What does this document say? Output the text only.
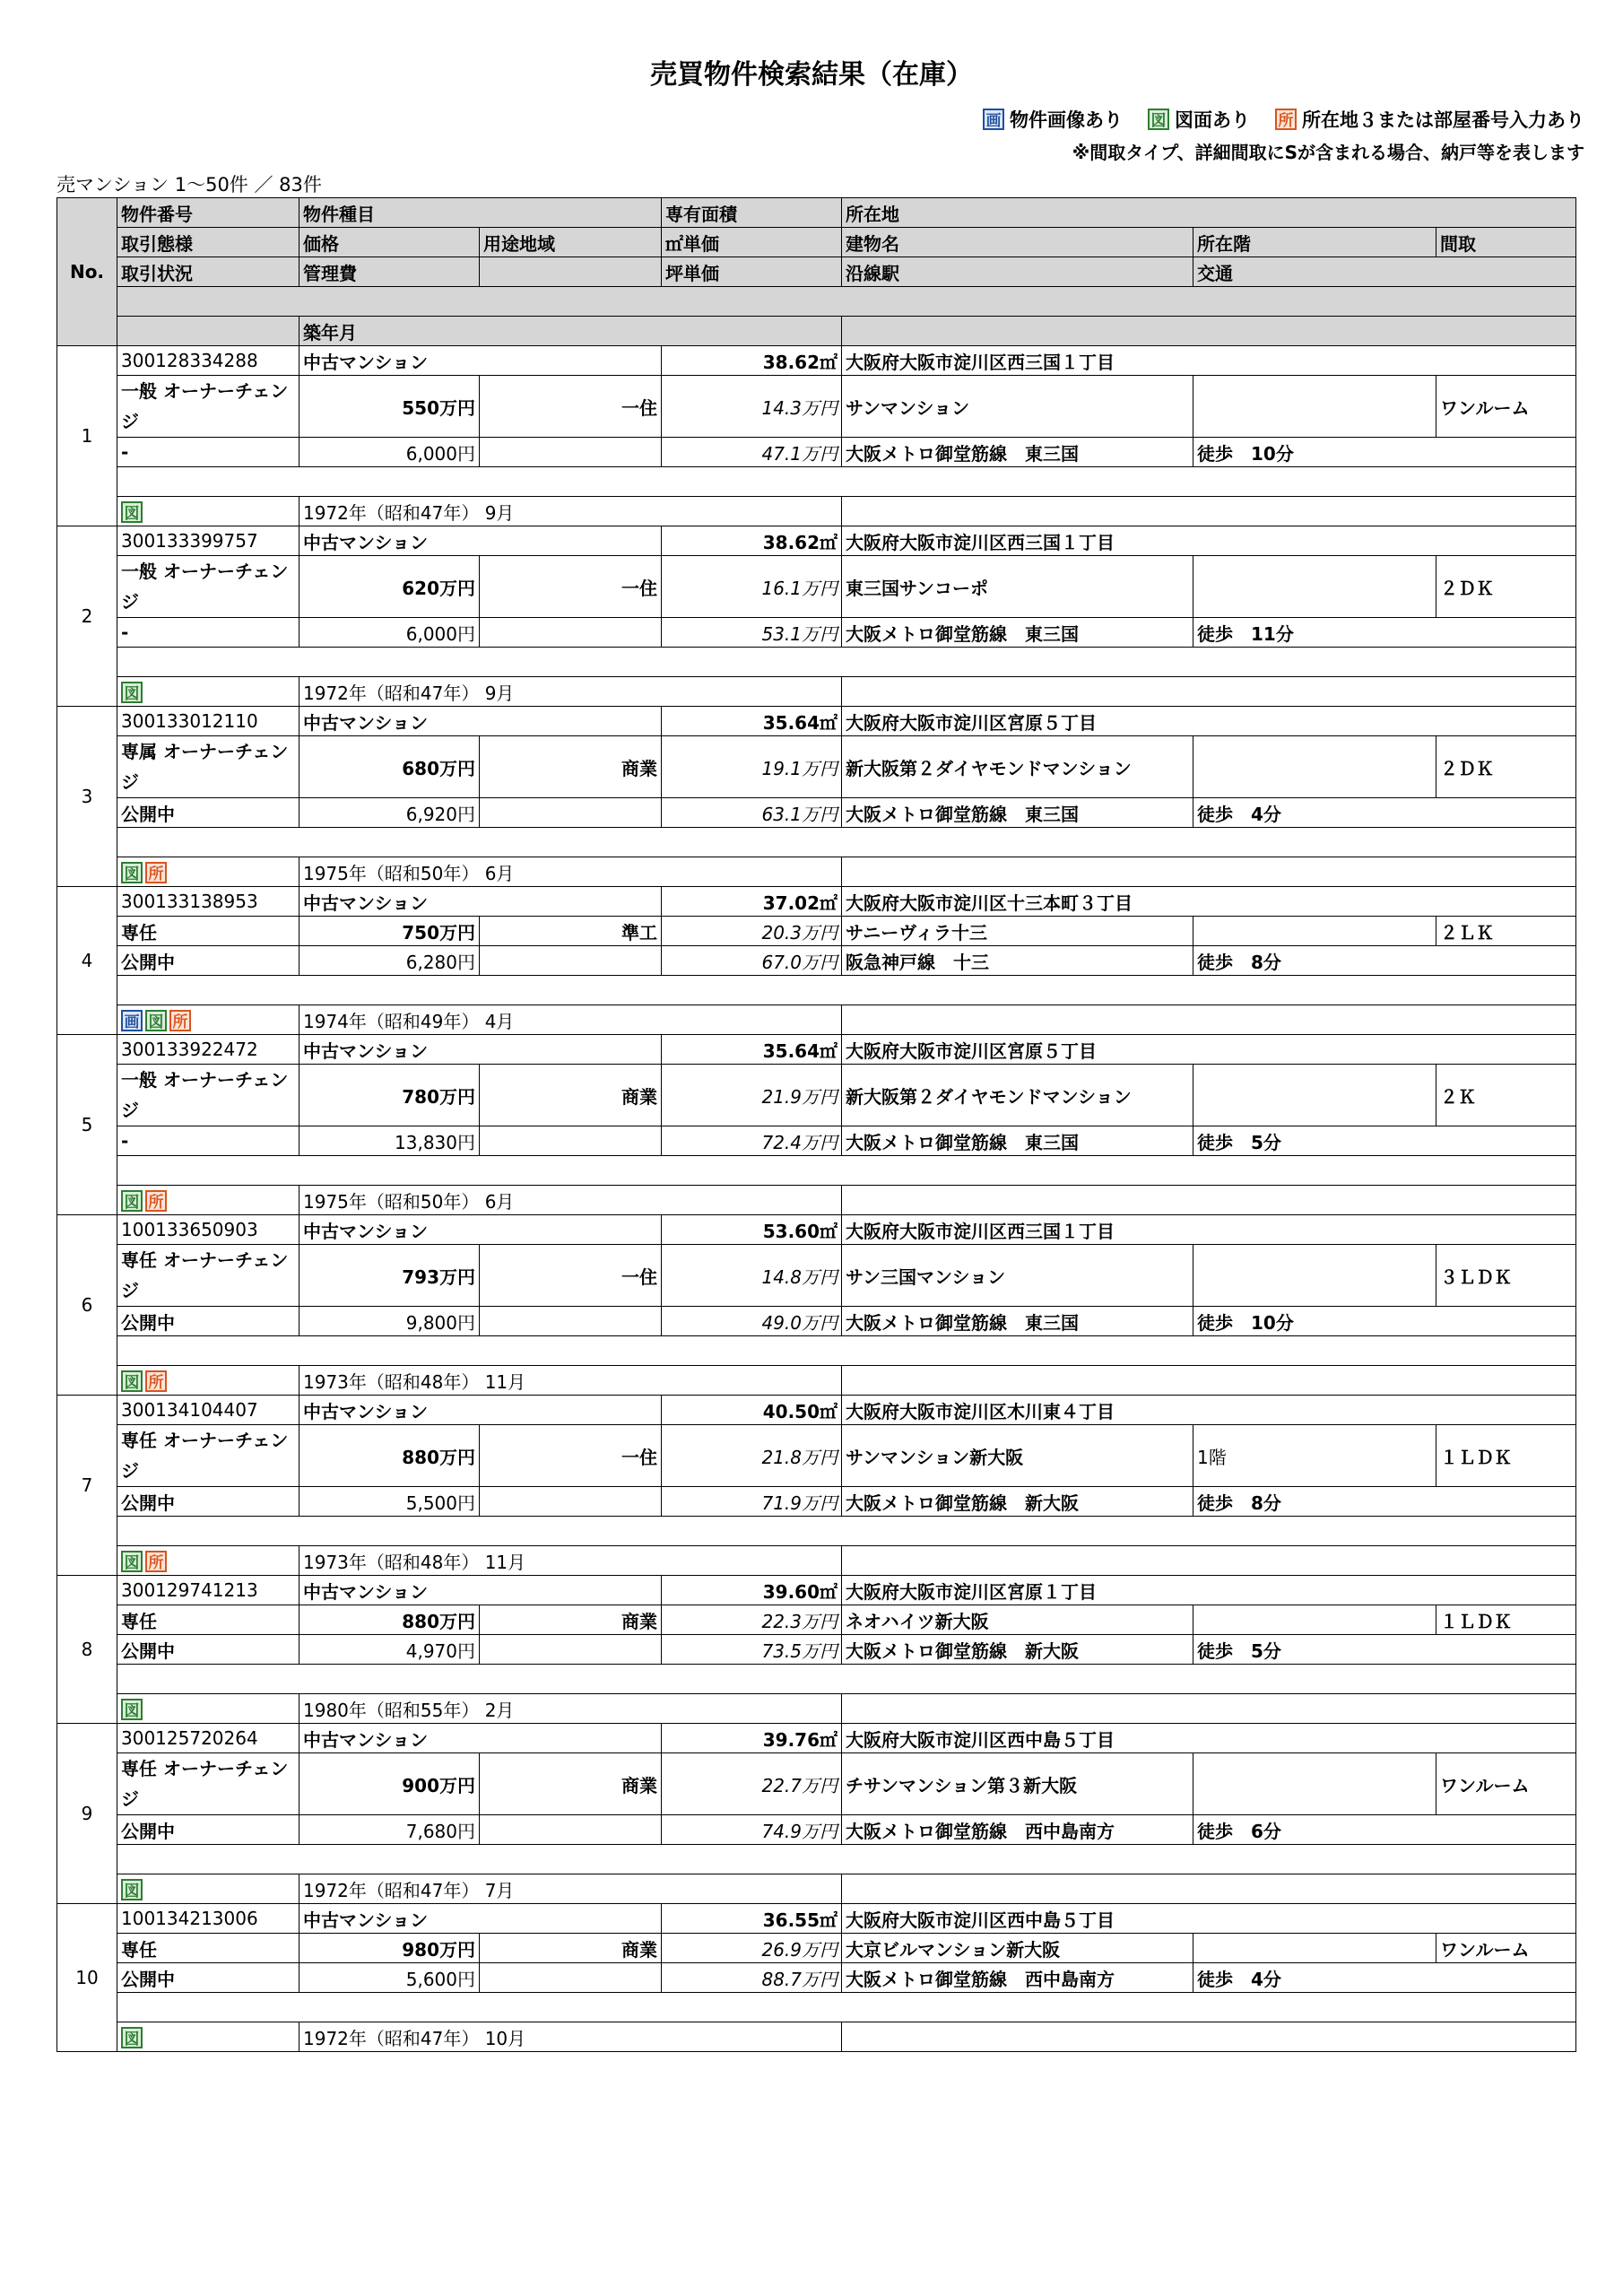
売買物件検索結果（在庫）
画 物件画像あり 図 図面あり 所 所在地３または部屋番号入力あり
※間取タイプ、詳細間取にSが含まれる場合、納戸等を表します
売マンション 1〜50件 ／ 83件
No.	物件番号	物件種目		専有面積	所在地		
	取引態様	価格	用途地域	㎡単価	建物名	所在階	間取
	取引状況	管理費		坪単価	沿線駅	交通	

		築年月					
1	300128334288	中古マンション		38.62㎡	大阪府大阪市淀川区西三国１丁目		
	一般 オーナーチェンジ	550万円	一住	14.3万円	サンマンション		ワンルーム
	-	6,000円		47.1万円	大阪メトロ御堂筋線　東三国	徒歩　10分	

	図	1972年（昭和47年） 9月					
2	300133399757	中古マンション		38.62㎡	大阪府大阪市淀川区西三国１丁目		
	一般 オーナーチェンジ	620万円	一住	16.1万円	東三国サンコーポ		２ＤＫ
	-	6,000円		53.1万円	大阪メトロ御堂筋線　東三国	徒歩　11分	

	図	1972年（昭和47年） 9月					
3	300133012110	中古マンション		35.64㎡	大阪府大阪市淀川区宮原５丁目		
	専属 オーナーチェンジ	680万円	商業	19.1万円	新大阪第２ダイヤモンドマンション		２ＤＫ
	公開中	6,920円		63.1万円	大阪メトロ御堂筋線　東三国	徒歩　4分	

	図 所	1975年（昭和50年） 6月					
4	300133138953	中古マンション		37.02㎡	大阪府大阪市淀川区十三本町３丁目		
	専任	750万円	準工	20.3万円	サニーヴィラ十三		２ＬＫ
	公開中	6,280円		67.0万円	阪急神戸線　十三	徒歩　8分	

	画 図 所	1974年（昭和49年） 4月					
5	300133922472	中古マンション		35.64㎡	大阪府大阪市淀川区宮原５丁目		
	一般 オーナーチェンジ	780万円	商業	21.9万円	新大阪第２ダイヤモンドマンション		２Ｋ
	-	13,830円		72.4万円	大阪メトロ御堂筋線　東三国	徒歩　5分	

	図 所	1975年（昭和50年） 6月					
6	100133650903	中古マンション		53.60㎡	大阪府大阪市淀川区西三国１丁目		
	専任 オーナーチェンジ	793万円	一住	14.8万円	サン三国マンション		３ＬＤＫ
	公開中	9,800円		49.0万円	大阪メトロ御堂筋線　東三国	徒歩　10分	

	図 所	1973年（昭和48年） 11月					
7	300134104407	中古マンション		40.50㎡	大阪府大阪市淀川区木川東４丁目		
	専任 オーナーチェンジ	880万円	一住	21.8万円	サンマンション新大阪	1階	１ＬＤＫ
	公開中	5,500円		71.9万円	大阪メトロ御堂筋線　新大阪	徒歩　8分	

	図 所	1973年（昭和48年） 11月					
8	300129741213	中古マンション		39.60㎡	大阪府大阪市淀川区宮原１丁目		
	専任	880万円	商業	22.3万円	ネオハイツ新大阪		１ＬＤＫ
	公開中	4,970円		73.5万円	大阪メトロ御堂筋線　新大阪	徒歩　5分	

	図	1980年（昭和55年） 2月					
9	300125720264	中古マンション		39.76㎡	大阪府大阪市淀川区西中島５丁目		
	専任 オーナーチェンジ	900万円	商業	22.7万円	チサンマンション第３新大阪		ワンルーム
	公開中	7,680円		74.9万円	大阪メトロ御堂筋線　西中島南方	徒歩　6分	

	図	1972年（昭和47年） 7月					
10	100134213006	中古マンション		36.55㎡	大阪府大阪市淀川区西中島５丁目		
	専任	980万円	商業	26.9万円	大京ビルマンション新大阪		ワンルーム
	公開中	5,600円		88.7万円	大阪メトロ御堂筋線　西中島南方	徒歩　4分	

	図	1972年（昭和47年） 10月					
